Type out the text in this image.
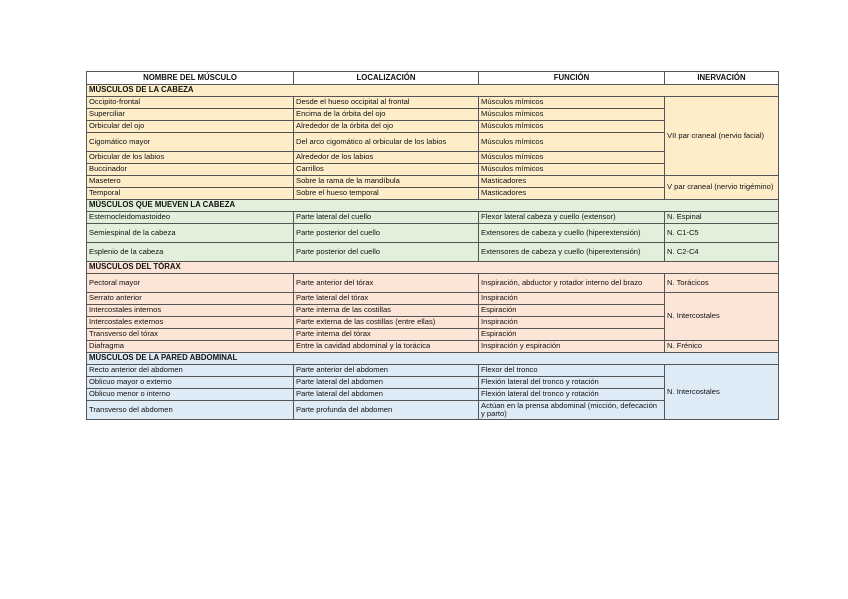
NOMBRE DEL MÚSCULO	LOCALIZACIÓN	FUNCIÓN	INERVACIÓN
MÚSCULOS DE LA CABEZA			
Occipito-frontal	Desde el hueso occipital al frontal	Músculos mímicos	VII par craneal (nervio facial)
Superciliar	Encima de la órbita del ojo	Músculos mímicos	
Orbicular del ojo	Alrededor de la órbita del ojo	Músculos mímicos	
Cigomático mayor	Del arco cigomático al orbicular de los labios	Músculos mímicos	
Orbicular de los labios	Alrededor de los labios	Músculos mímicos	
Buccinador	Carrillos	Músculos mímicos	
Masetero	Sobre la rama de la mandíbula	Masticadores	V par craneal (nervio trigémino)
Temporal	Sobre el hueso temporal	Masticadores	
MÚSCULOS QUE MUEVEN LA CABEZA			
Esternocleidomastoideo	Parte lateral del cuello	Flexor lateral cabeza y cuello (extensor)	N. Espinal
Semiespinal de la cabeza	Parte posterior del cuello	Extensores de cabeza y cuello (hiperextensión)	N. C1-C5
Esplenio de la cabeza	Parte posterior del cuello	Extensores de cabeza y cuello (hiperextensión)	N. C2-C4
MÚSCULOS DEL TÓRAX			
Pectoral mayor	Parte anterior del tórax	Inspiración, abductor y rotador interno del brazo	N. Torácicos
Serrato anterior	Parte lateral del tórax	Inspiración	N. Intercostales
Intercostales internos	Parte interna de las costillas	Espiración	
Intercostales externos	Parte externa de las costillas (entre ellas)	Inspiración	
Transverso del tórax	Parte interna del tórax	Espiración	
Diafragma	Entre la cavidad abdominal y la torácica	Inspiración y espiración	N. Frénico
MÚSCULOS DE LA PARED ABDOMINAL			
Recto anterior del abdomen	Parte anterior del abdomen	Flexor del tronco	N. Intercostales
Oblicuo mayor o externo	Parte lateral del abdomen	Flexión lateral del tronco y rotación	
Oblicuo menor o interno	Parte lateral del abdomen	Flexión lateral del tronco y rotación	
Transverso del abdomen	Parte profunda del abdomen	Actúan en la prensa abdominal (micción, defecación y parto)	
